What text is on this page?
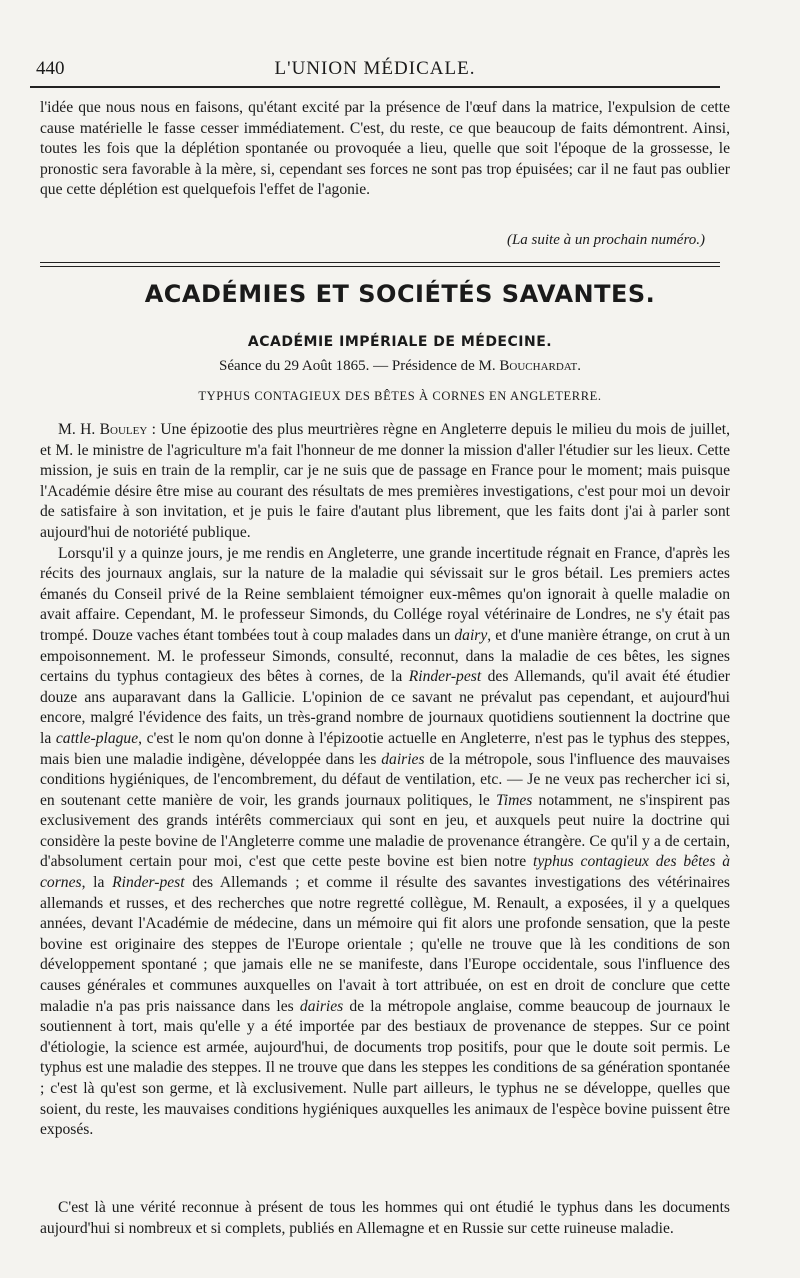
440	L'UNION MÉDICALE.

l'idée que nous nous en faisons, qu'étant excité par la présence de l'œuf dans la matrice, l'expulsion de cette cause matérielle le fasse cesser immédiatement. C'est, du reste, ce que beaucoup de faits démontrent. Ainsi, toutes les fois que la déplétion spontanée ou provoquée a lieu, quelle que soit l'époque de la grossesse, le pronostic sera favorable à la mère, si, cependant ses forces ne sont pas trop épuisées; car il ne faut pas oublier que cette déplétion est quelquefois l'effet de l'agonie.

(La suite à un prochain numéro.)
ACADÉMIES ET SOCIÉTÉS SAVANTES.
ACADÉMIE IMPÉRIALE DE MÉDECINE.
Séance du 29 Août 1865. — Présidence de M. Bouchardat.
TYPHUS CONTAGIEUX DES BÊTES À CORNES EN ANGLETERRE.

M. H. Bouley : Une épizootie des plus meurtrières règne en Angleterre depuis le milieu du mois de juillet, et M. le ministre de l'agriculture m'a fait l'honneur de me donner la mission d'aller l'étudier sur les lieux. Cette mission, je suis en train de la remplir, car je ne suis que de passage en France pour le moment; mais puisque l'Académie désire être mise au courant des résultats de mes premières investigations, c'est pour moi un devoir de satisfaire à son invitation, et je puis le faire d'autant plus librement, que les faits dont j'ai à parler sont aujourd'hui de notoriété publique.

Lorsqu'il y a quinze jours, je me rendis en Angleterre, une grande incertitude régnait en France, d'après les récits des journaux anglais, sur la nature de la maladie qui sévissait sur le gros bétail. Les premiers actes émanés du Conseil privé de la Reine semblaient témoigner eux-mêmes qu'on ignorait à quelle maladie on avait affaire. Cependant, M. le professeur Simonds, du Collége royal vétérinaire de Londres, ne s'y était pas trompé. Douze vaches étant tombées tout à coup malades dans un dairy, et d'une manière étrange, on crut à un empoisonnement. M. le professeur Simonds, consulté, reconnut, dans la maladie de ces bêtes, les signes certains du typhus contagieux des bêtes à cornes, de la Rinder-pest des Allemands, qu'il avait été étudier douze ans auparavant dans la Gallicie. L'opinion de ce savant ne prévalut pas cependant, et aujourd'hui encore, malgré l'évidence des faits, un très-grand nombre de journaux quotidiens soutiennent la doctrine que la cattle-plague, c'est le nom qu'on donne à l'épizootie actuelle en Angleterre, n'est pas le typhus des steppes, mais bien une maladie indigène, développée dans les dairies de la métropole, sous l'influence des mauvaises conditions hygiéniques, de l'encombrement, du défaut de ventilation, etc. — Je ne veux pas rechercher ici si, en soutenant cette manière de voir, les grands journaux politiques, le Times notamment, ne s'inspirent pas exclusivement des grands intérêts commerciaux qui sont en jeu, et auxquels peut nuire la doctrine qui considère la peste bovine de l'Angleterre comme une maladie de provenance étrangère. Ce qu'il y a de certain, d'absolument certain pour moi, c'est que cette peste bovine est bien notre typhus contagieux des bêtes à cornes, la Rinder-pest des Allemands ; et comme il résulte des savantes investigations des vétérinaires allemands et russes, et des recherches que notre regretté collègue, M. Renault, a exposées, il y a quelques années, devant l'Académie de médecine, dans un mémoire qui fit alors une profonde sensation, que la peste bovine est originaire des steppes de l'Europe orientale ; qu'elle ne trouve que là les conditions de son développement spontané ; que jamais elle ne se manifeste, dans l'Europe occidentale, sous l'influence des causes générales et communes auxquelles on l'avait à tort attribuée, on est en droit de conclure que cette maladie n'a pas pris naissance dans les dairies de la métropole anglaise, comme beaucoup de journaux le soutiennent à tort, mais qu'elle y a été importée par des bestiaux de provenance de steppes. Sur ce point d'étiologie, la science est armée, aujourd'hui, de documents trop positifs, pour que le doute soit permis. Le typhus est une maladie des steppes. Il ne trouve que dans les steppes les conditions de sa génération spontanée ; c'est là qu'est son germe, et là exclusivement. Nulle part ailleurs, le typhus ne se développe, quelles que soient, du reste, les mauvaises conditions hygiéniques auxquelles les animaux de l'espèce bovine puissent être exposés.

C'est là une vérité reconnue à présent de tous les hommes qui ont étudié le typhus dans les documents aujourd'hui si nombreux et si complets, publiés en Allemagne et en Russie sur cette ruineuse maladie.
